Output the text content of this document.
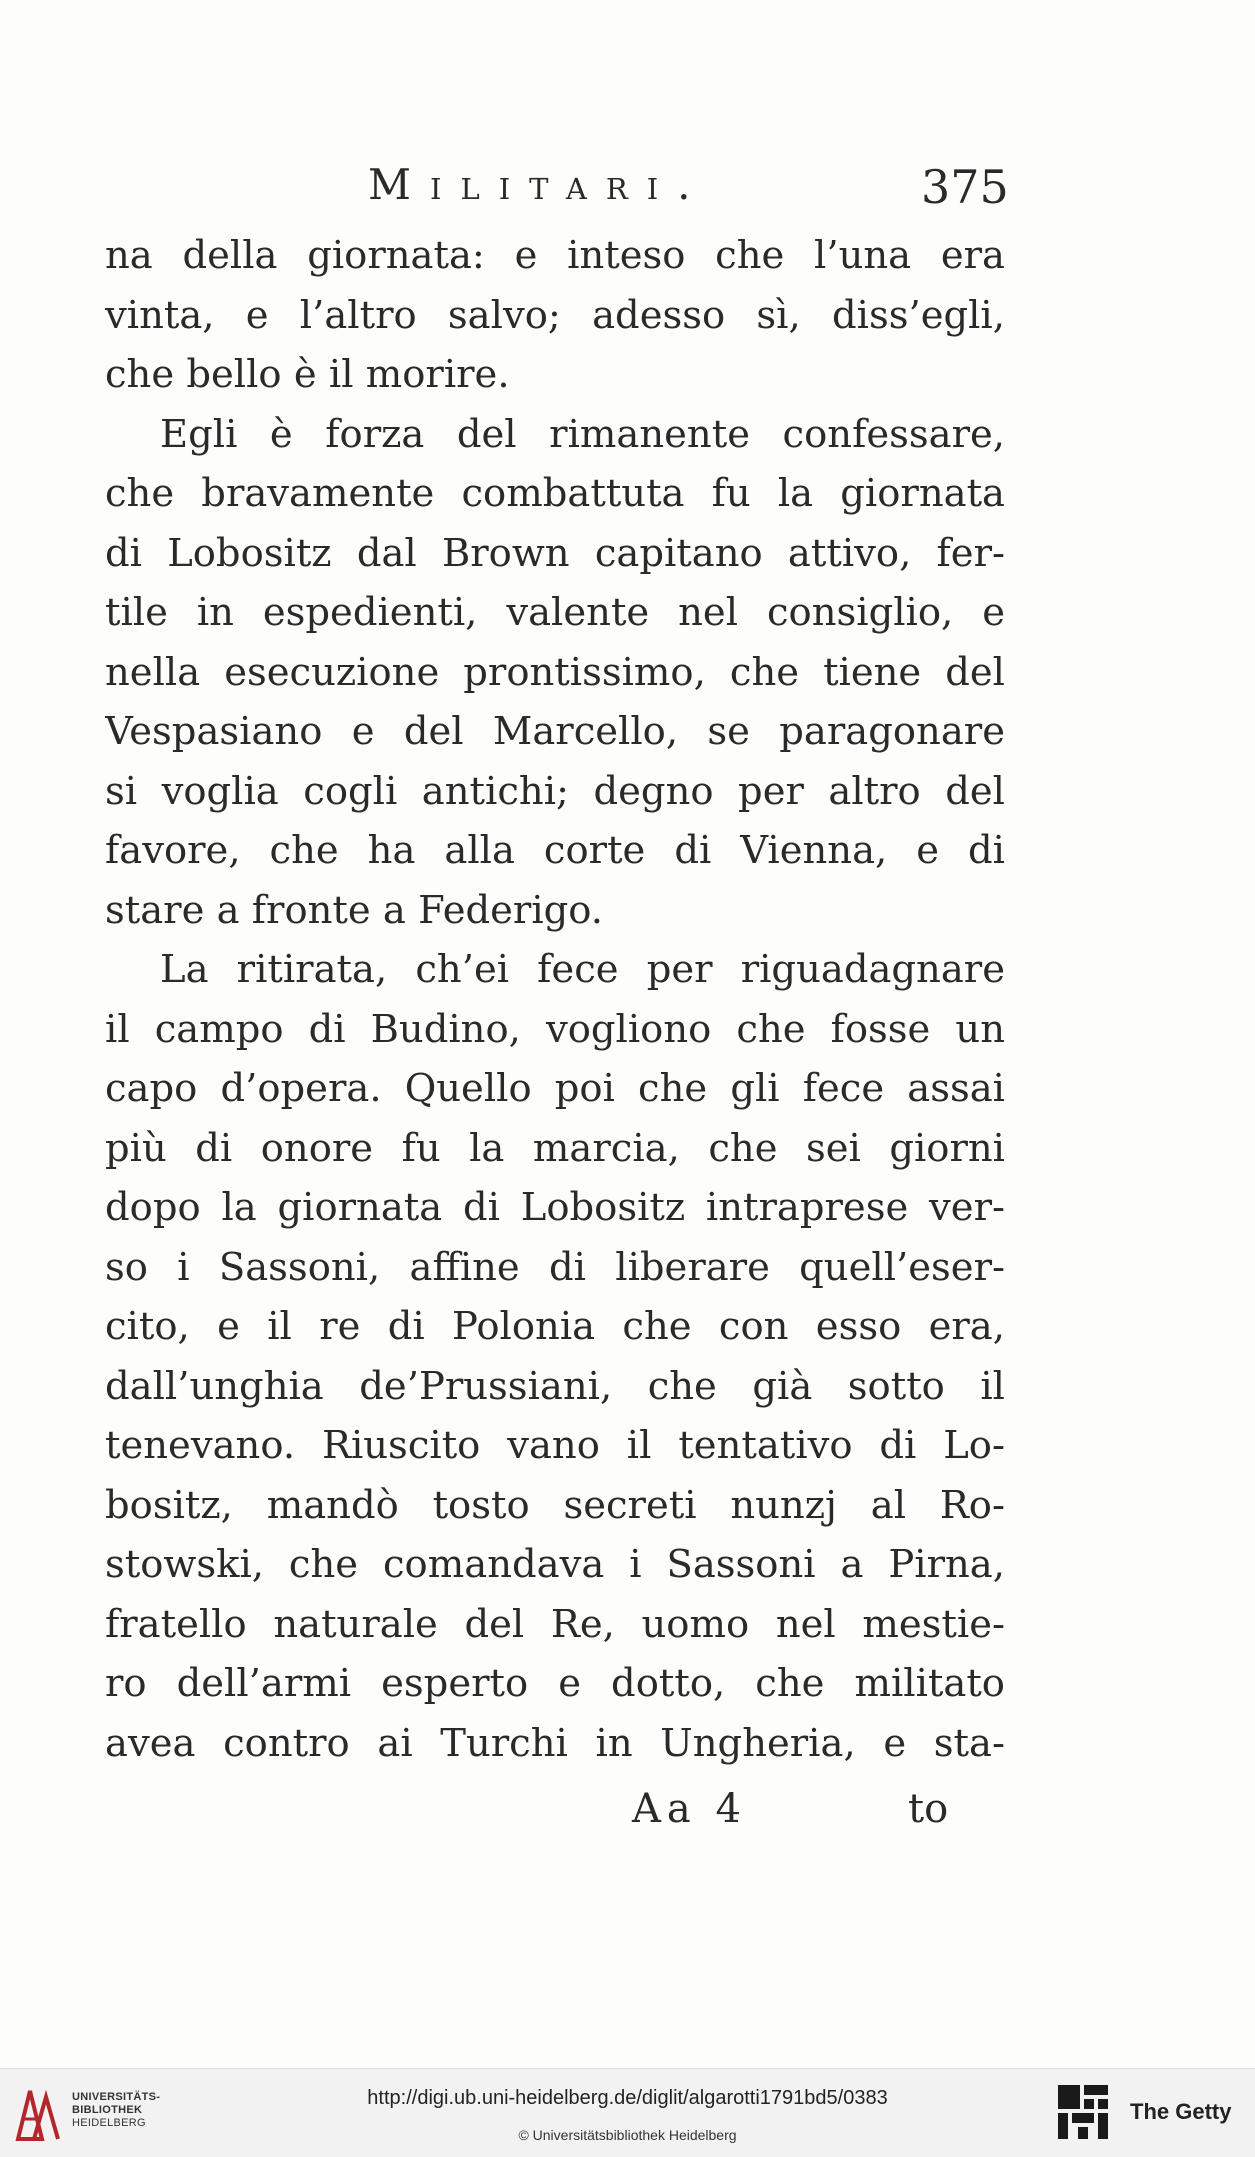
Militari.	375
na della giornata: e inteso che l’una era
vinta, e l’altro salvo; adesso sì, diss’egli,
che bello è il morire.
Egli è forza del rimanente confessare,
che bravamente combattuta fu la giornata
di Lobositz dal Brown capitano attivo, fer-
tile in espedienti, valente nel consiglio, e
nella esecuzione prontissimo, che tiene del
Vespasiano e del Marcello, se paragonare
si voglia cogli antichi; degno per altro del
favore, che ha alla corte di Vienna, e di
stare a fronte a Federigo.
La ritirata, ch’ei fece per riguadagnare
il campo di Budino, vogliono che fosse un
capo d’opera. Quello poi che gli fece assai
più di onore fu la marcia, che sei giorni
dopo la giornata di Lobositz intraprese ver-
so i Sassoni, affine di liberare quell’eser-
cito, e il re di Polonia che con esso era,
dall’unghia de’Prussiani, che già sotto il
tenevano. Riuscito vano il tentativo di Lo-
bositz, mandò tosto secreti nunzj al Ro-
stowski, che comandava i Sassoni a Pirna,
fratello naturale del Re, uomo nel mestie-
ro dell’armi esperto e dotto, che militato
avea contro ai Turchi in Ungheria, e sta-
Aa 4	to
UNIVERSITÄTS-
BIBLIOTHEK
HEIDELBERG
http://digi.ub.uni-heidelberg.de/diglit/algarotti1791bd5/0383
© Universitätsbibliothek Heidelberg
The Getty
